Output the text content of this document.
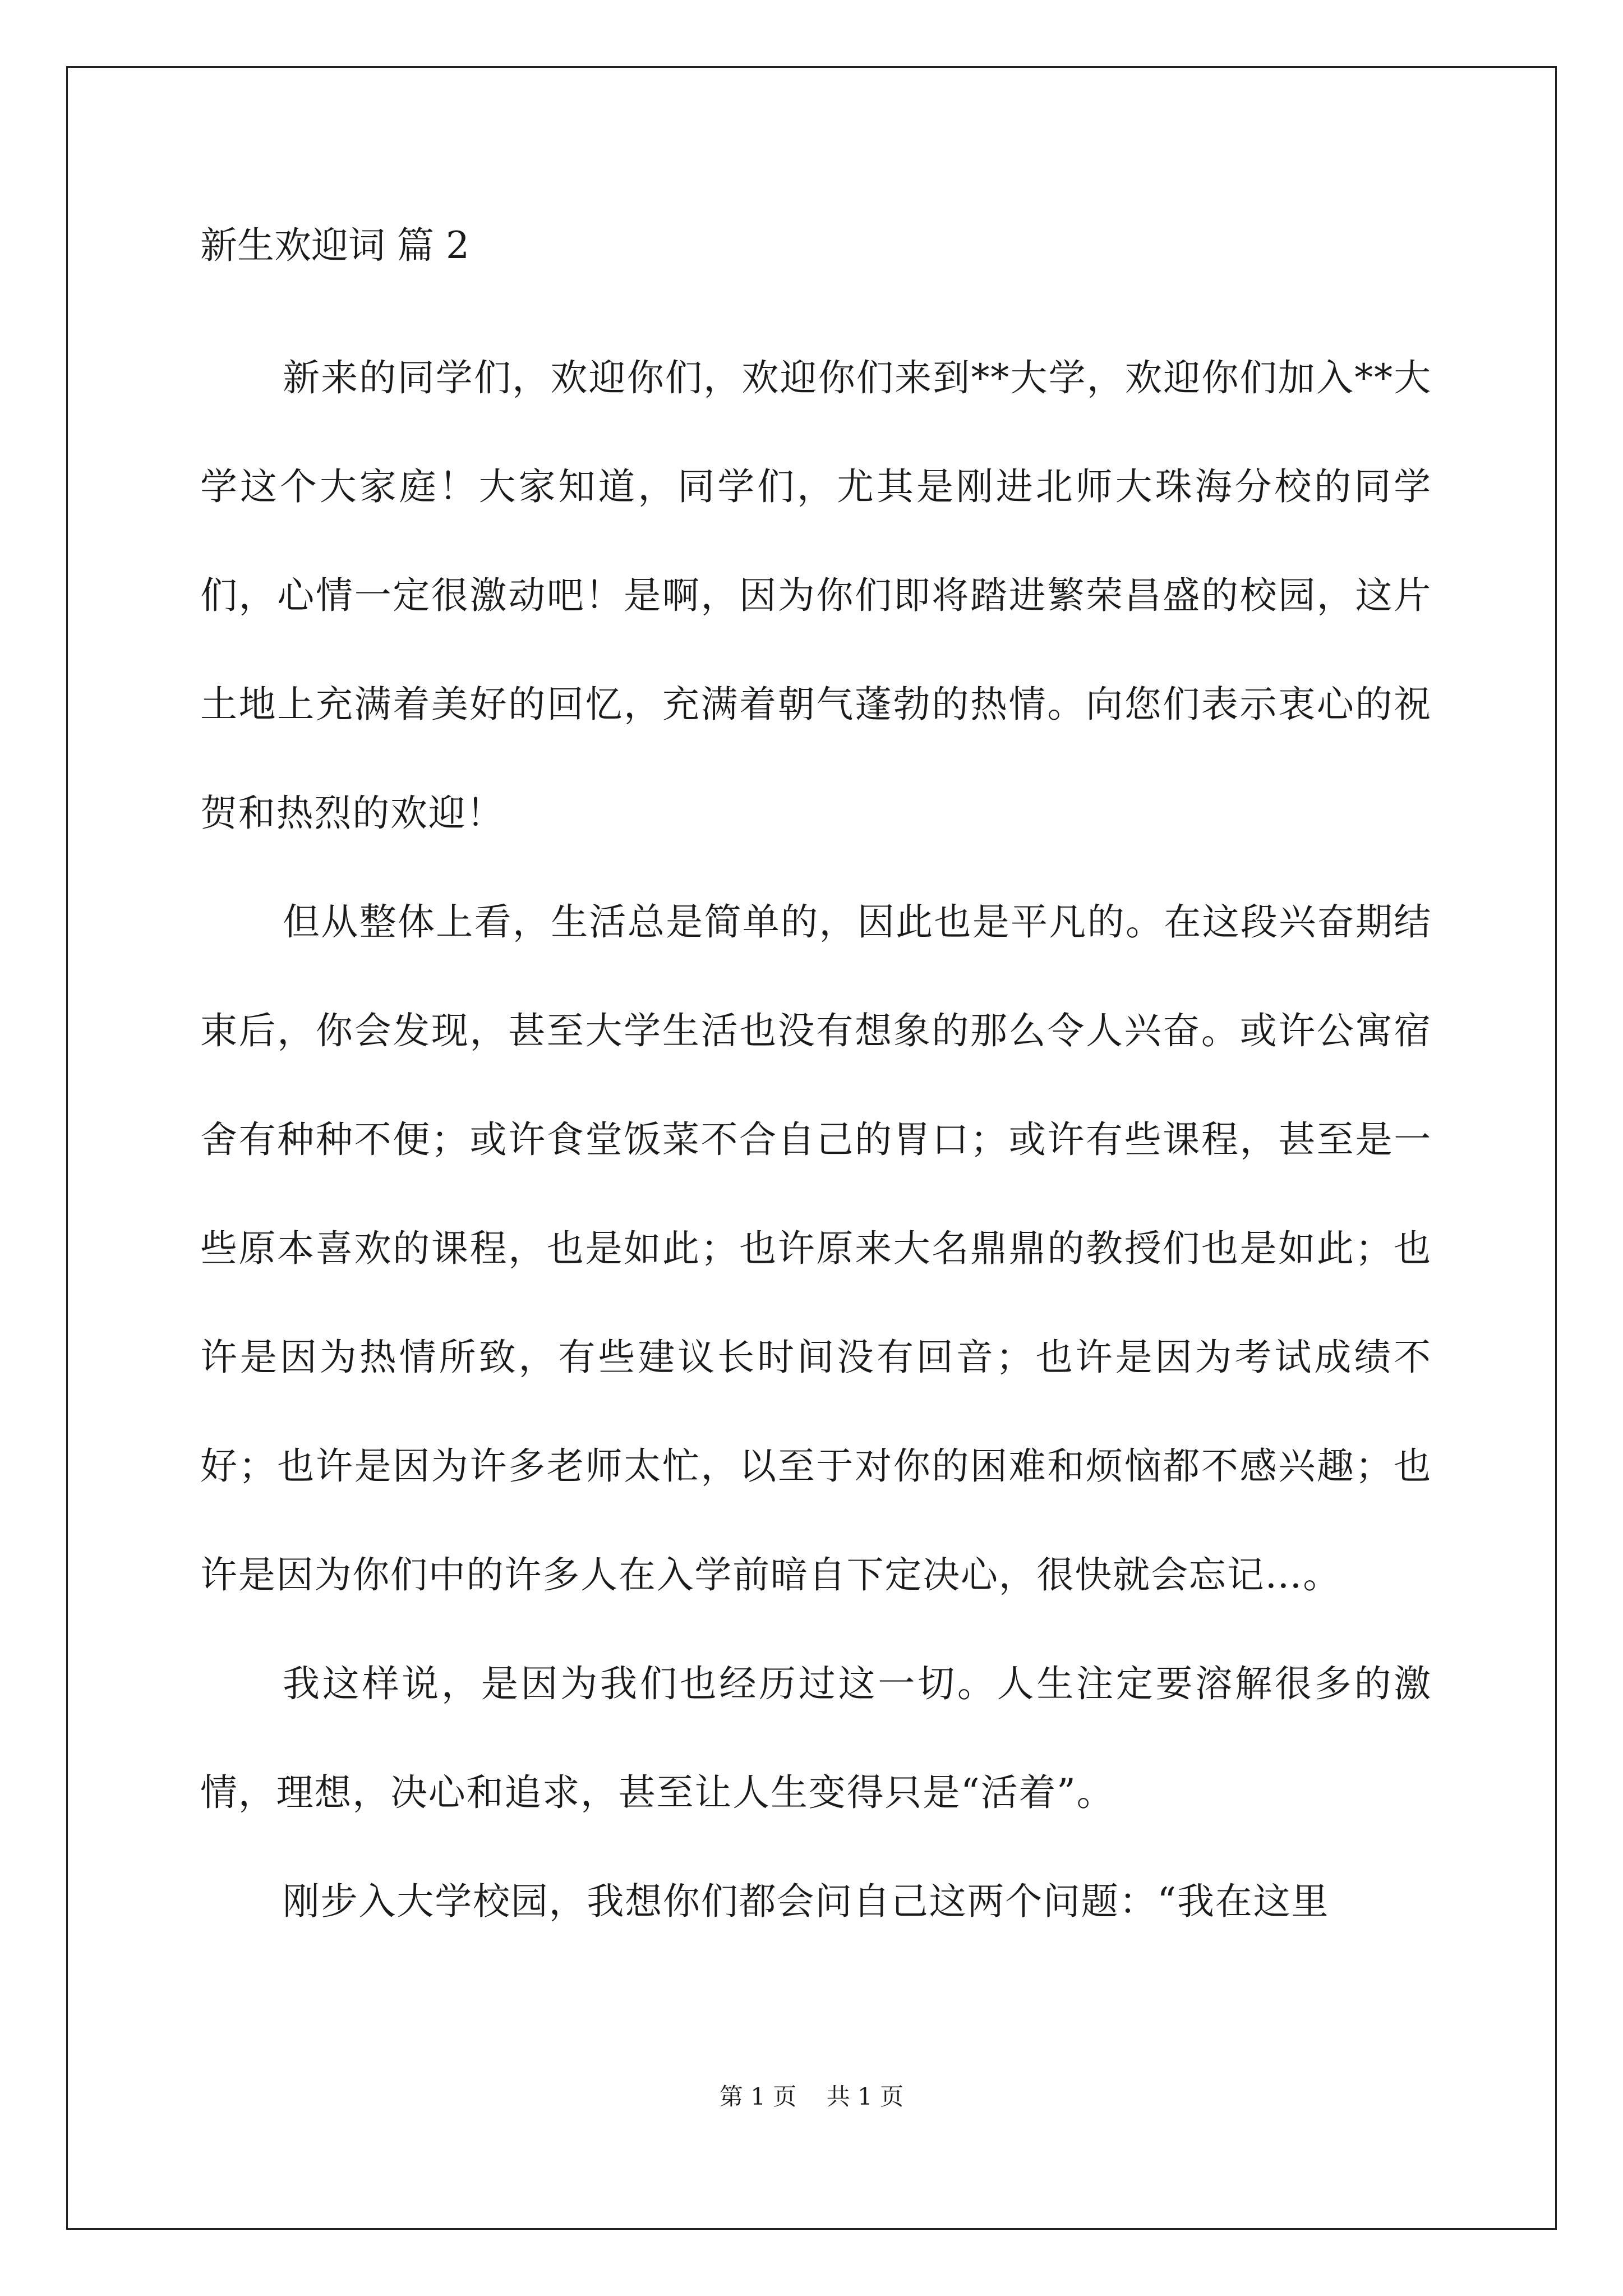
新生欢迎词 篇 2

新来的同学们，欢迎你们，欢迎你们来到**大学，欢迎你们加入**大学这个大家庭！大家知道，同学们，尤其是刚进北师大珠海分校的同学们，心情一定很激动吧！是啊，因为你们即将踏进繁荣昌盛的校园，这片土地上充满着美好的回忆，充满着朝气蓬勃的热情。向您们表示衷心的祝贺和热烈的欢迎！

但从整体上看，生活总是简单的，因此也是平凡的。在这段兴奋期结束后，你会发现，甚至大学生活也没有想象的那么令人兴奋。或许公寓宿舍有种种不便；或许食堂饭菜不合自己的胃口；或许有些课程，甚至是一些原本喜欢的课程，也是如此；也许原来大名鼎鼎的教授们也是如此；也许是因为热情所致，有些建议长时间没有回音；也许是因为考试成绩不好；也许是因为许多老师太忙，以至于对你的困难和烦恼都不感兴趣；也许是因为你们中的许多人在入学前暗自下定决心，很快就会忘记…。

我这样说，是因为我们也经历过这一切。人生注定要溶解很多的激情，理想，决心和追求，甚至让人生变得只是“活着”。

刚步入大学校园，我想你们都会问自己这两个问题：“我在这里

第 1 页    共 1 页
